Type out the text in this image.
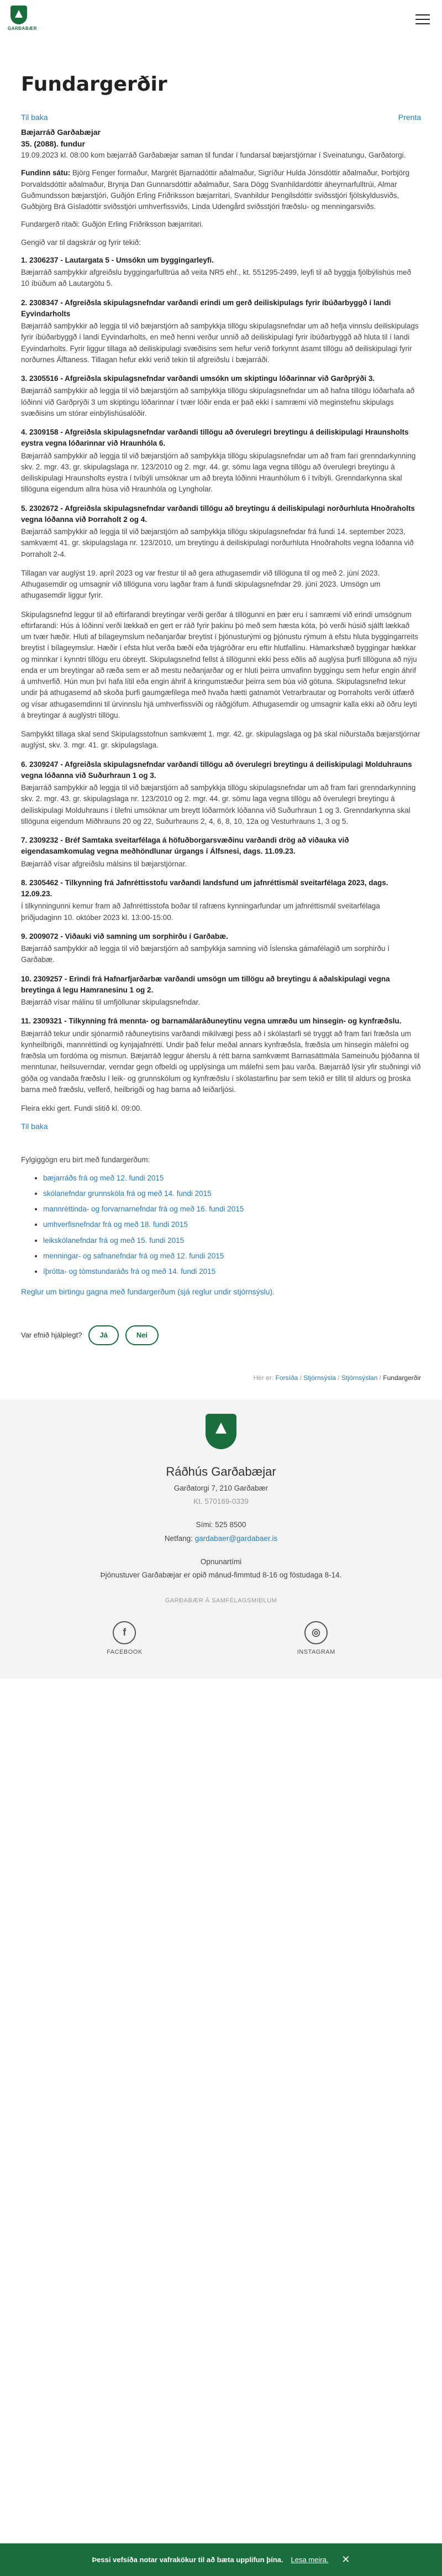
GARÐABÆR
Fundargerðir
Til baka	Prenta
Bæjarráð Garðabæjar
35. (2088). fundur

19.09.2023 kl. 08:00 kom bæjarráð Garðabæjar saman til fundar í fundarsal bæjarstjórnar í Sveinatungu, Garðatorgi.

Fundinn sátu: Björg Fenger formaður, Margrét Bjarnadóttir aðalmaður, Sigríður Hulda Jónsdóttir aðalmaður, Þorbjörg Þorvaldsdóttir aðalmaður, Brynja Dan Gunnarsdóttir aðalmaður, Sara Dögg Svanhildardóttir áheyrnarfulltrúi, Almar Guðmundsson bæjarstjóri, Guðjón Erling Friðriksson bæjarritari, Svanhildur Þengilsdóttir sviðsstjóri fjölskyldusviðs, Guðbjörg Brá Gísladóttir sviðsstjóri umhverfissviðs, Linda Udengård sviðsstjóri fræðslu- og menningarsviðs.

Fundargerð ritaði: Guðjón Erling Friðriksson bæjarritari.

Gengið var til dagskrár og fyrir tekið:

1. 2306237 - Lautargata 5 - Umsókn um byggingarleyfi.

Bæjarráð samþykkir afgreiðslu byggingarfulltrúa að veita NR5 ehf., kt. 551295-2499, leyfi til að byggja fjölbýlishús með 10 íbúðum að Lautargötu 5.

2. 2308347 - Afgreiðsla skipulagsnefndar varðandi erindi um gerð deiliskipulags fyrir íbúðarbyggð í landi Eyvindarholts

Bæjarráð samþykkir að leggja til við bæjarstjórn að samþykkja tillögu skipulagsnefndar um að hefja vinnslu deiliskipulags fyrir íbúðarbyggð í landi Eyvindarholts, en með henni verður unnið að deiliskipulagi fyrir íbúðarbyggð að hluta til í landi Eyvindarholts. Fyrir liggur tillaga að deiliskipulagi svæðisins sem hefur verið forkynnt ásamt tillögu að deiliskipulagi fyrir norðurnes Álftaness. Tillagan hefur ekki verið tekin til afgreiðslu í bæjarráði.

3. 2305516 - Afgreiðsla skipulagsnefndar varðandi umsókn um skiptingu lóðarinnar við Garðprýði 3.

Bæjarráð samþykkir að leggja til við bæjarstjórn að samþykkja tillögu skipulagsnefndar um að hafna tillögu lóðarhafa að lóðinni við Garðprýði 3 um skiptingu lóðarinnar í tvær lóðir enda er það ekki í samræmi við meginstefnu skipulags svæðisins um stórar einbýlishúsalóðir.

4. 2309158 - Afgreiðsla skipulagsnefndar varðandi tillögu að óverulegri breytingu á deiliskipulagi Hraunsholts eystra vegna lóðarinnar við Hraunhóla 6.

Bæjarráð samþykkir að leggja til við bæjarstjórn að samþykkja tillögu skipulagsnefndar um að fram fari grenndarkynning skv. 2. mgr. 43. gr. skipulagslaga nr. 123/2010 og 2. mgr. 44. gr. sömu laga vegna tillögu að óverulegri breytingu á deiliskipulagi Hraunsholts eystra í tvíbýli umsóknar um að breyta lóðinni Hraunhólum 6 í tvíbýli. Grenndarkynna skal tillöguna eigendum allra húsa við Hraunhóla og Lyngholar.

5. 2302672 - Afgreiðsla skipulagsnefndar varðandi tillögu að breytingu á deiliskipulagi norðurhluta Hnoðraholts vegna lóðanna við Þorraholt 2 og 4.

Bæjarráð samþykkir að leggja til við bæjarstjórn að samþykkja tillögu skipulagsnefndar frá fundi 14. september 2023, samkvæmt 41. gr. skipulagslaga nr. 123/2010, um breytingu á deiliskipulagi norðurhluta Hnoðraholts vegna lóðanna við Þorraholt 2-4.

Tillagan var auglýst 19. apríl 2023 og var frestur til að gera athugasemdir við tillöguna til og með 2. júní 2023. Athugasemdir og umsagnir við tillöguna voru lagðar fram á fundi skipulagsnefndar 29. júní 2023. Umsögn um athugasemdir liggur fyrir.

Skipulagsnefnd leggur til að eftirfarandi breytingar verði gerðar á tillögunni en þær eru í samræmi við erindi umsögnum eftirfarandi: Hús á lóðinni verði lækkað en gert er ráð fyrir þakinu þó með sem hæsta kóta, þó verði húsið sjálft lækkað um tvær hæðir. Hluti af bílageymslum neðanjarðar breytist í þjónusturými og þjónustu rýmum á efstu hluta byggingarreits breytist í bílageymslur. Hæðir í efsta hlut verða bæði eða trjágróðrar eru eftir hlutfallinu. Hámarkshæð byggingar hækkar og minnkar í kynntri tillögu eru óbreytt. Skipulagsnefnd fellst á tillögunni ekki þess eðlis að auglýsa þurfi tillöguna að nýju enda er um breytingar að ræða sem er að mestu neðanjarðar og er hluti þeirra umvafinn byggingu sem hefur engin áhrif á umhverfið. Hún mun því hafa lítil eða engin áhrif á kringumstæður þeirra sem búa við götuna. Skipulagsnefnd tekur undir þá athugasemd að skoða þurfi gaumgæfilega með hvaða hætti gatnamót Vetrarbrautar og Þorraholts verði útfærð og vísar athugasemdinni til úrvinnslu hjá umhverfissviði og ráðgjöfum. Athugasemdir og umsagnir kalla ekki að öðru leyti á breytingar á auglýstri tillögu.

Samþykkt tillaga skal send Skipulagsstofnun samkvæmt 1. mgr. 42. gr. skipulagslaga og þá skal niðurstaða bæjarstjórnar auglýst, skv. 3. mgr. 41. gr. skipulagslaga.

6. 2309247 - Afgreiðsla skipulagsnefndar varðandi tillögu að óverulegri breytingu á deiliskipulagi Molduhrauns vegna lóðanna við Suðurhraun 1 og 3.

Bæjarráð samþykkir að leggja til við bæjarstjórn að samþykkja tillögu skipulagsnefndar um að fram fari grenndarkynning skv. 2. mgr. 43. gr. skipulagslaga nr. 123/2010 og 2. mgr. 44. gr. sömu laga vegna tillögu að óverulegri breytingu á deiliskipulagi Molduhrauns í tilefni umsóknar um breytt lóðarmörk lóðanna við Suðurhraun 1 og 3. Grenndarkynna skal tillöguna eigendum Miðhrauns 20 og 22, Suðurhrauns 2, 4, 6, 8, 10, 12a og Vesturhrauns 1, 3 og 5.

7. 2309232 - Bréf Samtaka sveitarfélaga á höfuðborgarsvæðinu varðandi drög að viðauka við eigendasamkomulag vegna meðhöndlunar úrgangs í Álfsnesi, dags. 11.09.23.

Bæjarráð vísar afgreiðslu málsins til bæjarstjórnar.

8. 2305462 - Tilkynning frá Jafnréttisstofu varðandi landsfund um jafnréttismál sveitarfélaga 2023, dags. 12.09.23.

Í tilkynningunni kemur fram að Jafnréttisstofa boðar til rafræns kynningarfundar um jafnréttismál sveitarfélaga þriðjudaginn 10. október 2023 kl. 13:00-15:00.

9. 2009072 - Viðauki við samning um sorphirðu í Garðabæ.

Bæjarráð samþykkir að leggja til við bæjarstjórn að samþykkja samning við Íslenska gámafélagið um sorphirðu í Garðabæ.

10. 2309257 - Erindi frá Hafnarfjarðarbæ varðandi umsögn um tillögu að breytingu á aðalskipulagi vegna breytinga á legu Hamranesinu 1 og 2.

Bæjarráð vísar málinu til umfjöllunar skipulagsnefndar.

11. 2309321 - Tilkynning frá mennta- og barnamálaráðuneytinu vegna umræðu um hinsegin- og kynfræðslu.

Bæjarráð tekur undir sjónarmið ráðuneytisins varðandi mikilvægi þess að í skólastarfi sé tryggt að fram fari fræðsla um kynheilbrigði, mannréttindi og kynjajafnrétti. Undir það felur meðal annars kynfræðsla, fræðsla um hinsegin málefni og fræðsla um fordóma og mismun. Bæjarráð leggur áherslu á rétt barna samkvæmt Barnasáttmála Sameinuðu þjóðanna til menntunar, heilsuverndar, verndar gegn ofbeldi og upplýsinga um málefni sem þau varða. Bæjarráð lýsir yfir stuðningi við góða og vandaða fræðslu í leik- og grunnskólum og kynfræðslu í skólastarfinu þar sem tekið er tillit til aldurs og þroska barna með fræðslu, velferð, heilbrigði og hag barna að leiðarljósi.

Fleira ekki gert. Fundi slitið kl. 09:00.

Til baka

Fylgiggögn eru birt með fundargerðum:

• bæjarráðs frá og með 12. fundi 2015
• skólanefndar grunnskóla frá og með 14. fundi 2015
• mannréttinda- og forvarnarnefndar frá og með 16. fundi 2015
• umhverfisnefndar frá og með 18. fundi 2015
• leikskólanefndar frá og með 15. fundi 2015
• menningar- og safnanefndar frá og með 12. fundi 2015
• íþrótta- og tómstundaráðs frá og með 14. fundi 2015
Reglur um birtingu gagna með fundargerðum (sjá reglur undir stjórnsýslu).
Var efnið hjálplegt?	Já	Nei
Hér er: Forsíða / Stjórnsýsla / Stjórnsýslan / Fundargerðir
Ráðhús Garðabæjar
Garðatorgi 7, 210 Garðabær
Kt. 570169-0339
Sími: 525 8500
Netfang: gardabaer@gardabaer.is
Opnunartími
Þjónustuver Garðabæjar er opið mánud-fimmtud 8-16 og föstudaga 8-14.
GARÐABÆR Á SAMFÉLAGSMIÐLUM
f
FACEBOOK
◎
INSTAGRAM
Þessi vefsíða notar vafrakökur til að bæta upplifun þína. Lesa meira. ✕
